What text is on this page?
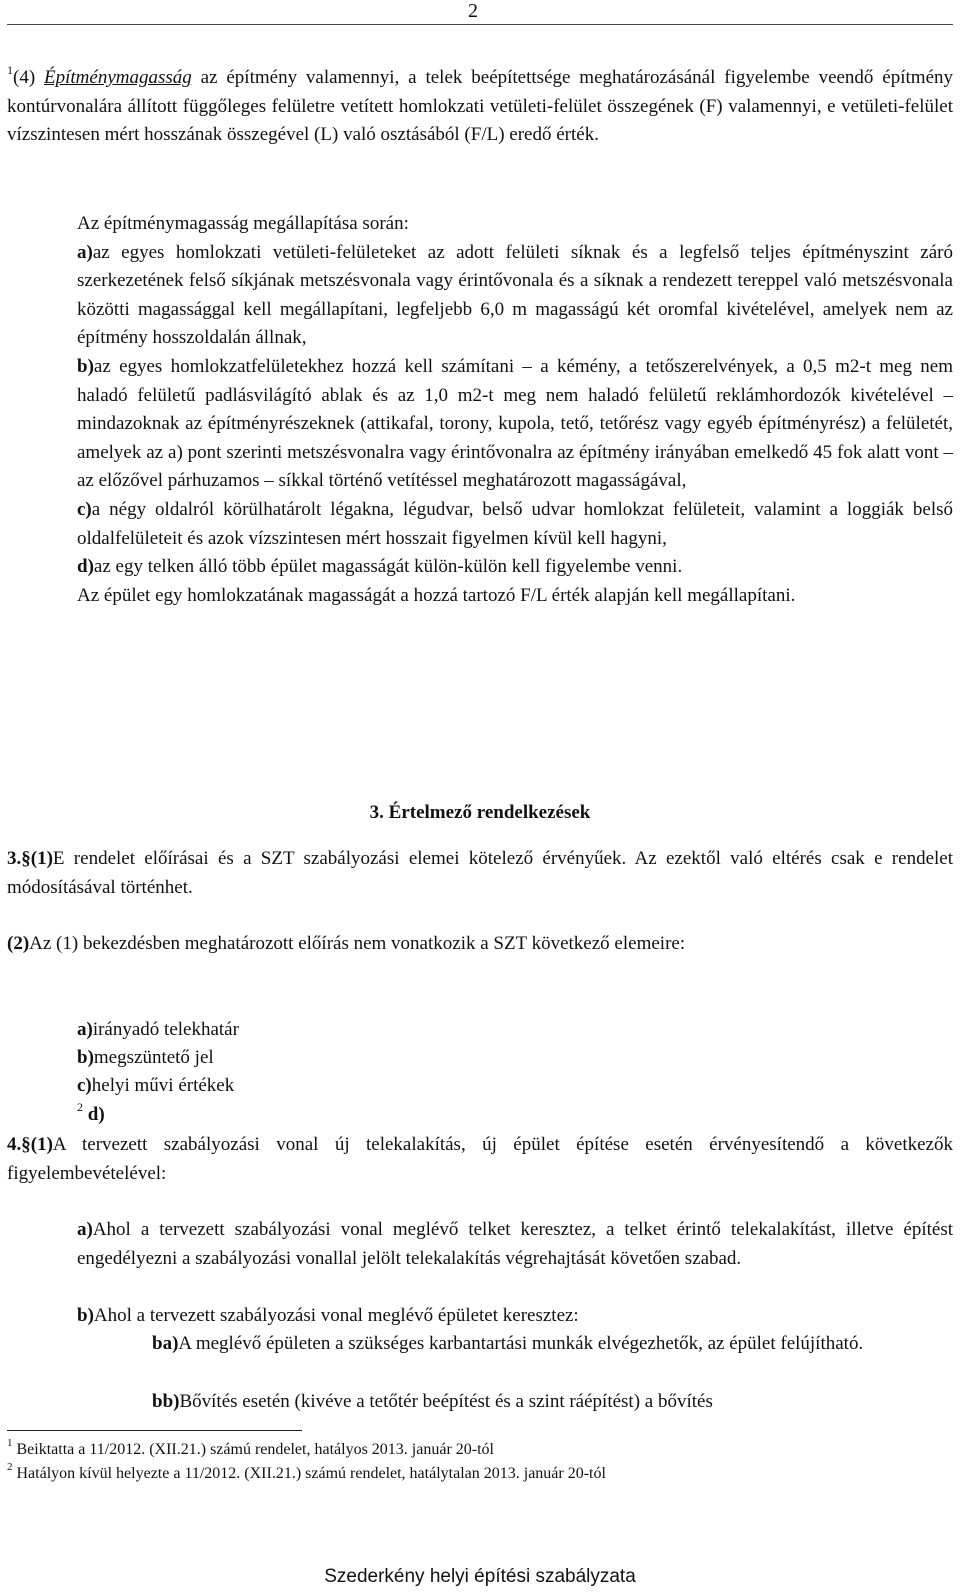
2
$^1$(4) Építménymagasság az építmény valamennyi, a telek beépítettsége meghatározásánál figyelembe veendő építmény kontúrvonalára állított függőleges felületre vetített homlokzati vetületi-felület összegének (F) valamennyi, e vetületi-felület vízszintesen mért hosszának összegével (L) való osztásából (F/L) eredő érték.
Az építménymagasság megállapítása során:
a)az egyes homlokzati vetületi-felületeket az adott felületi síknak és a legfelső teljes építményszint záró szerkezetének felső síkjának metszésvonala vagy érintővonala és a síknak a rendezett tereppel való metszésvonala közötti magassággal kell megállapítani, legfeljebb 6,0 m magasságú két oromfal kivételével, amelyek nem az építmény hosszoldalán állnak,
b)az egyes homlokzatfelületekhez hozzá kell számítani – a kémény, a tetőszerelvények, a 0,5 m2-t meg nem haladó felületű padlásvilágító ablak és az 1,0 m2-t meg nem haladó felületű reklámhordozók kivételével – mindazoknak az építményrészeknek (attikafal, torony, kupola, tető, tetőrész vagy egyéb építményrész) a felületét, amelyek az a) pont szerinti metszésvonalra vagy érintővonalra az építmény irányában emelkedő 45 fok alatt vont – az előzővel párhuzamos – síkkal történő vetítéssel meghatározott magasságával,
c)a négy oldalról körülhatárolt légakna, légudvar, belső udvar homlokzat felületeit, valamint a loggiák belső oldalfelületeit és azok vízszintesen mért hosszait figyelmen kívül kell hagyni,
d)az egy telken álló több épület magasságát külön-külön kell figyelembe venni.
Az épület egy homlokzatának magasságát a hozzá tartozó F/L érték alapján kell megállapítani.
3. Értelmező rendelkezések
3.§(1)E rendelet előírásai és a SZT szabályozási elemei kötelező érvényűek. Az ezektől való eltérés csak e rendelet módosításával történhet.
(2)Az (1) bekezdésben meghatározott előírás nem vonatkozik a SZT következő elemeire:
a)irányadó telekhatár
b)megszüntető jel
c)helyi művi értékek
$^2$ d)
4.§(1)A tervezett szabályozási vonal új telekalakítás, új épület építése esetén érvényesítendő a következők figyelembevételével:
a)Ahol a tervezett szabályozási vonal meglévő telket keresztez, a telket érintő telekalakítást, illetve építést engedélyezni a szabályozási vonallal jelölt telekalakítás végrehajtását követően szabad.
b)Ahol a tervezett szabályozási vonal meglévő épületet keresztez:
ba)A meglévő épületen a szükséges karbantartási munkák elvégezhetők, az épület felújítható.
bb)Bővítés esetén (kivéve a tetőtér beépítést és a szint ráépítést) a bővítés
$^1$ Beiktatta a 11/2012. (XII.21.) számú rendelet, hatályos 2013. január 20-tól
$^2$ Hatályon kívül helyezte a 11/2012. (XII.21.) számú rendelet, hatálytalan 2013. január 20-tól
Szederkény helyi építési szabályzata
